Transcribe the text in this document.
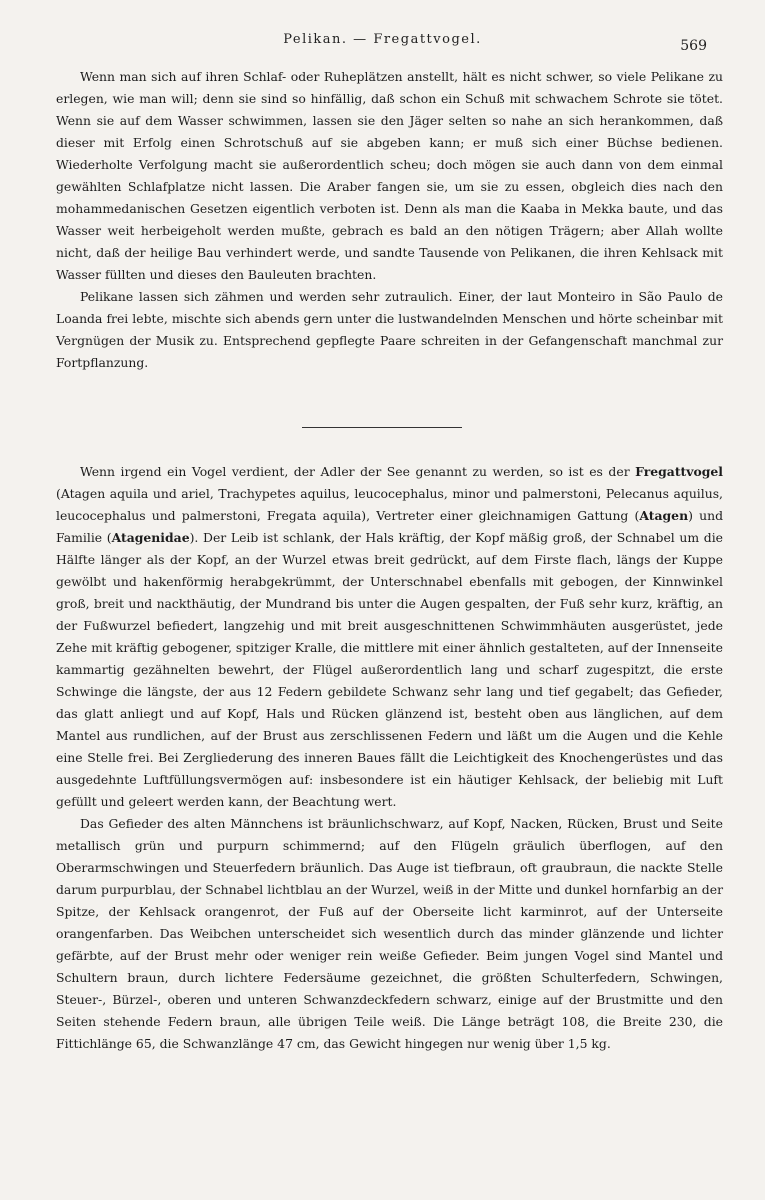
Pelikan. — Fregattvogel.	569

Wenn man sich auf ihren Schlaf- oder Ruheplätzen anstellt, hält es nicht schwer, so viele Pelikane zu erlegen, wie man will; denn sie sind so hinfällig, daß schon ein Schuß mit schwachem Schrote sie tötet. Wenn sie auf dem Wasser schwimmen, lassen sie den Jäger selten so nahe an sich herankommen, daß dieser mit Erfolg einen Schrotschuß auf sie abgeben kann; er muß sich einer Büchse bedienen. Wiederholte Verfolgung macht sie außerordentlich scheu; doch mögen sie auch dann von dem einmal gewählten Schlafplatze nicht lassen. Die Araber fangen sie, um sie zu essen, obgleich dies nach den mohammedanischen Gesetzen eigentlich verboten ist. Denn als man die Kaaba in Mekka baute, und das Wasser weit herbeigeholt werden mußte, gebrach es bald an den nötigen Trägern; aber Allah wollte nicht, daß der heilige Bau verhindert werde, und sandte Tausende von Pelikanen, die ihren Kehlsack mit Wasser füllten und dieses den Bauleuten brachten.

Pelikane lassen sich zähmen und werden sehr zutraulich. Einer, der laut Monteiro in São Paulo de Loanda frei lebte, mischte sich abends gern unter die lustwandelnden Menschen und hörte scheinbar mit Vergnügen der Musik zu. Entsprechend gepflegte Paare schreiten in der Gefangenschaft manchmal zur Fortpflanzung.

Wenn irgend ein Vogel verdient, der Adler der See genannt zu werden, so ist es der Fregattvogel (Atagen aquila und ariel, Trachypetes aquilus, leucocephalus, minor und palmerstoni, Pelecanus aquilus, leucocephalus und palmerstoni, Fregata aquila), Vertreter einer gleichnamigen Gattung (Atagen) und Familie (Atagenidae). Der Leib ist schlank, der Hals kräftig, der Kopf mäßig groß, der Schnabel um die Hälfte länger als der Kopf, an der Wurzel etwas breit gedrückt, auf dem Firste flach, längs der Kuppe gewölbt und hakenförmig herabgekrümmt, der Unterschnabel ebenfalls mit gebogen, der Kinnwinkel groß, breit und nackthäutig, der Mundrand bis unter die Augen gespalten, der Fuß sehr kurz, kräftig, an der Fußwurzel befiedert, langzehig und mit breit ausgeschnittenen Schwimmhäuten ausgerüstet, jede Zehe mit kräftig gebogener, spitziger Kralle, die mittlere mit einer ähnlich gestalteten, auf der Innenseite kammartig gezähnelten bewehrt, der Flügel außerordentlich lang und scharf zugespitzt, die erste Schwinge die längste, der aus 12 Federn gebildete Schwanz sehr lang und tief gegabelt; das Gefieder, das glatt anliegt und auf Kopf, Hals und Rücken glänzend ist, besteht oben aus länglichen, auf dem Mantel aus rundlichen, auf der Brust aus zerschlissenen Federn und läßt um die Augen und die Kehle eine Stelle frei. Bei Zergliederung des inneren Baues fällt die Leichtigkeit des Knochengerüstes und das ausgedehnte Luftfüllungsvermögen auf: insbesondere ist ein häutiger Kehlsack, der beliebig mit Luft gefüllt und geleert werden kann, der Beachtung wert.

Das Gefieder des alten Männchens ist bräunlichschwarz, auf Kopf, Nacken, Rücken, Brust und Seite metallisch grün und purpurn schimmernd; auf den Flügeln gräulich überflogen, auf den Oberarmschwingen und Steuerfedern bräunlich. Das Auge ist tiefbraun, oft graubraun, die nackte Stelle darum purpurblau, der Schnabel lichtblau an der Wurzel, weiß in der Mitte und dunkel hornfarbig an der Spitze, der Kehlsack orangenrot, der Fuß auf der Oberseite licht karminrot, auf der Unterseite orangenfarben. Das Weibchen unterscheidet sich wesentlich durch das minder glänzende und lichter gefärbte, auf der Brust mehr oder weniger rein weiße Gefieder. Beim jungen Vogel sind Mantel und Schultern braun, durch lichtere Federsäume gezeichnet, die größten Schulterfedern, Schwingen, Steuer-, Bürzel-, oberen und unteren Schwanzdeckfedern schwarz, einige auf der Brustmitte und den Seiten stehende Federn braun, alle übrigen Teile weiß. Die Länge beträgt 108, die Breite 230, die Fittichlänge 65, die Schwanzlänge 47 cm, das Gewicht hingegen nur wenig über 1,5 kg.
